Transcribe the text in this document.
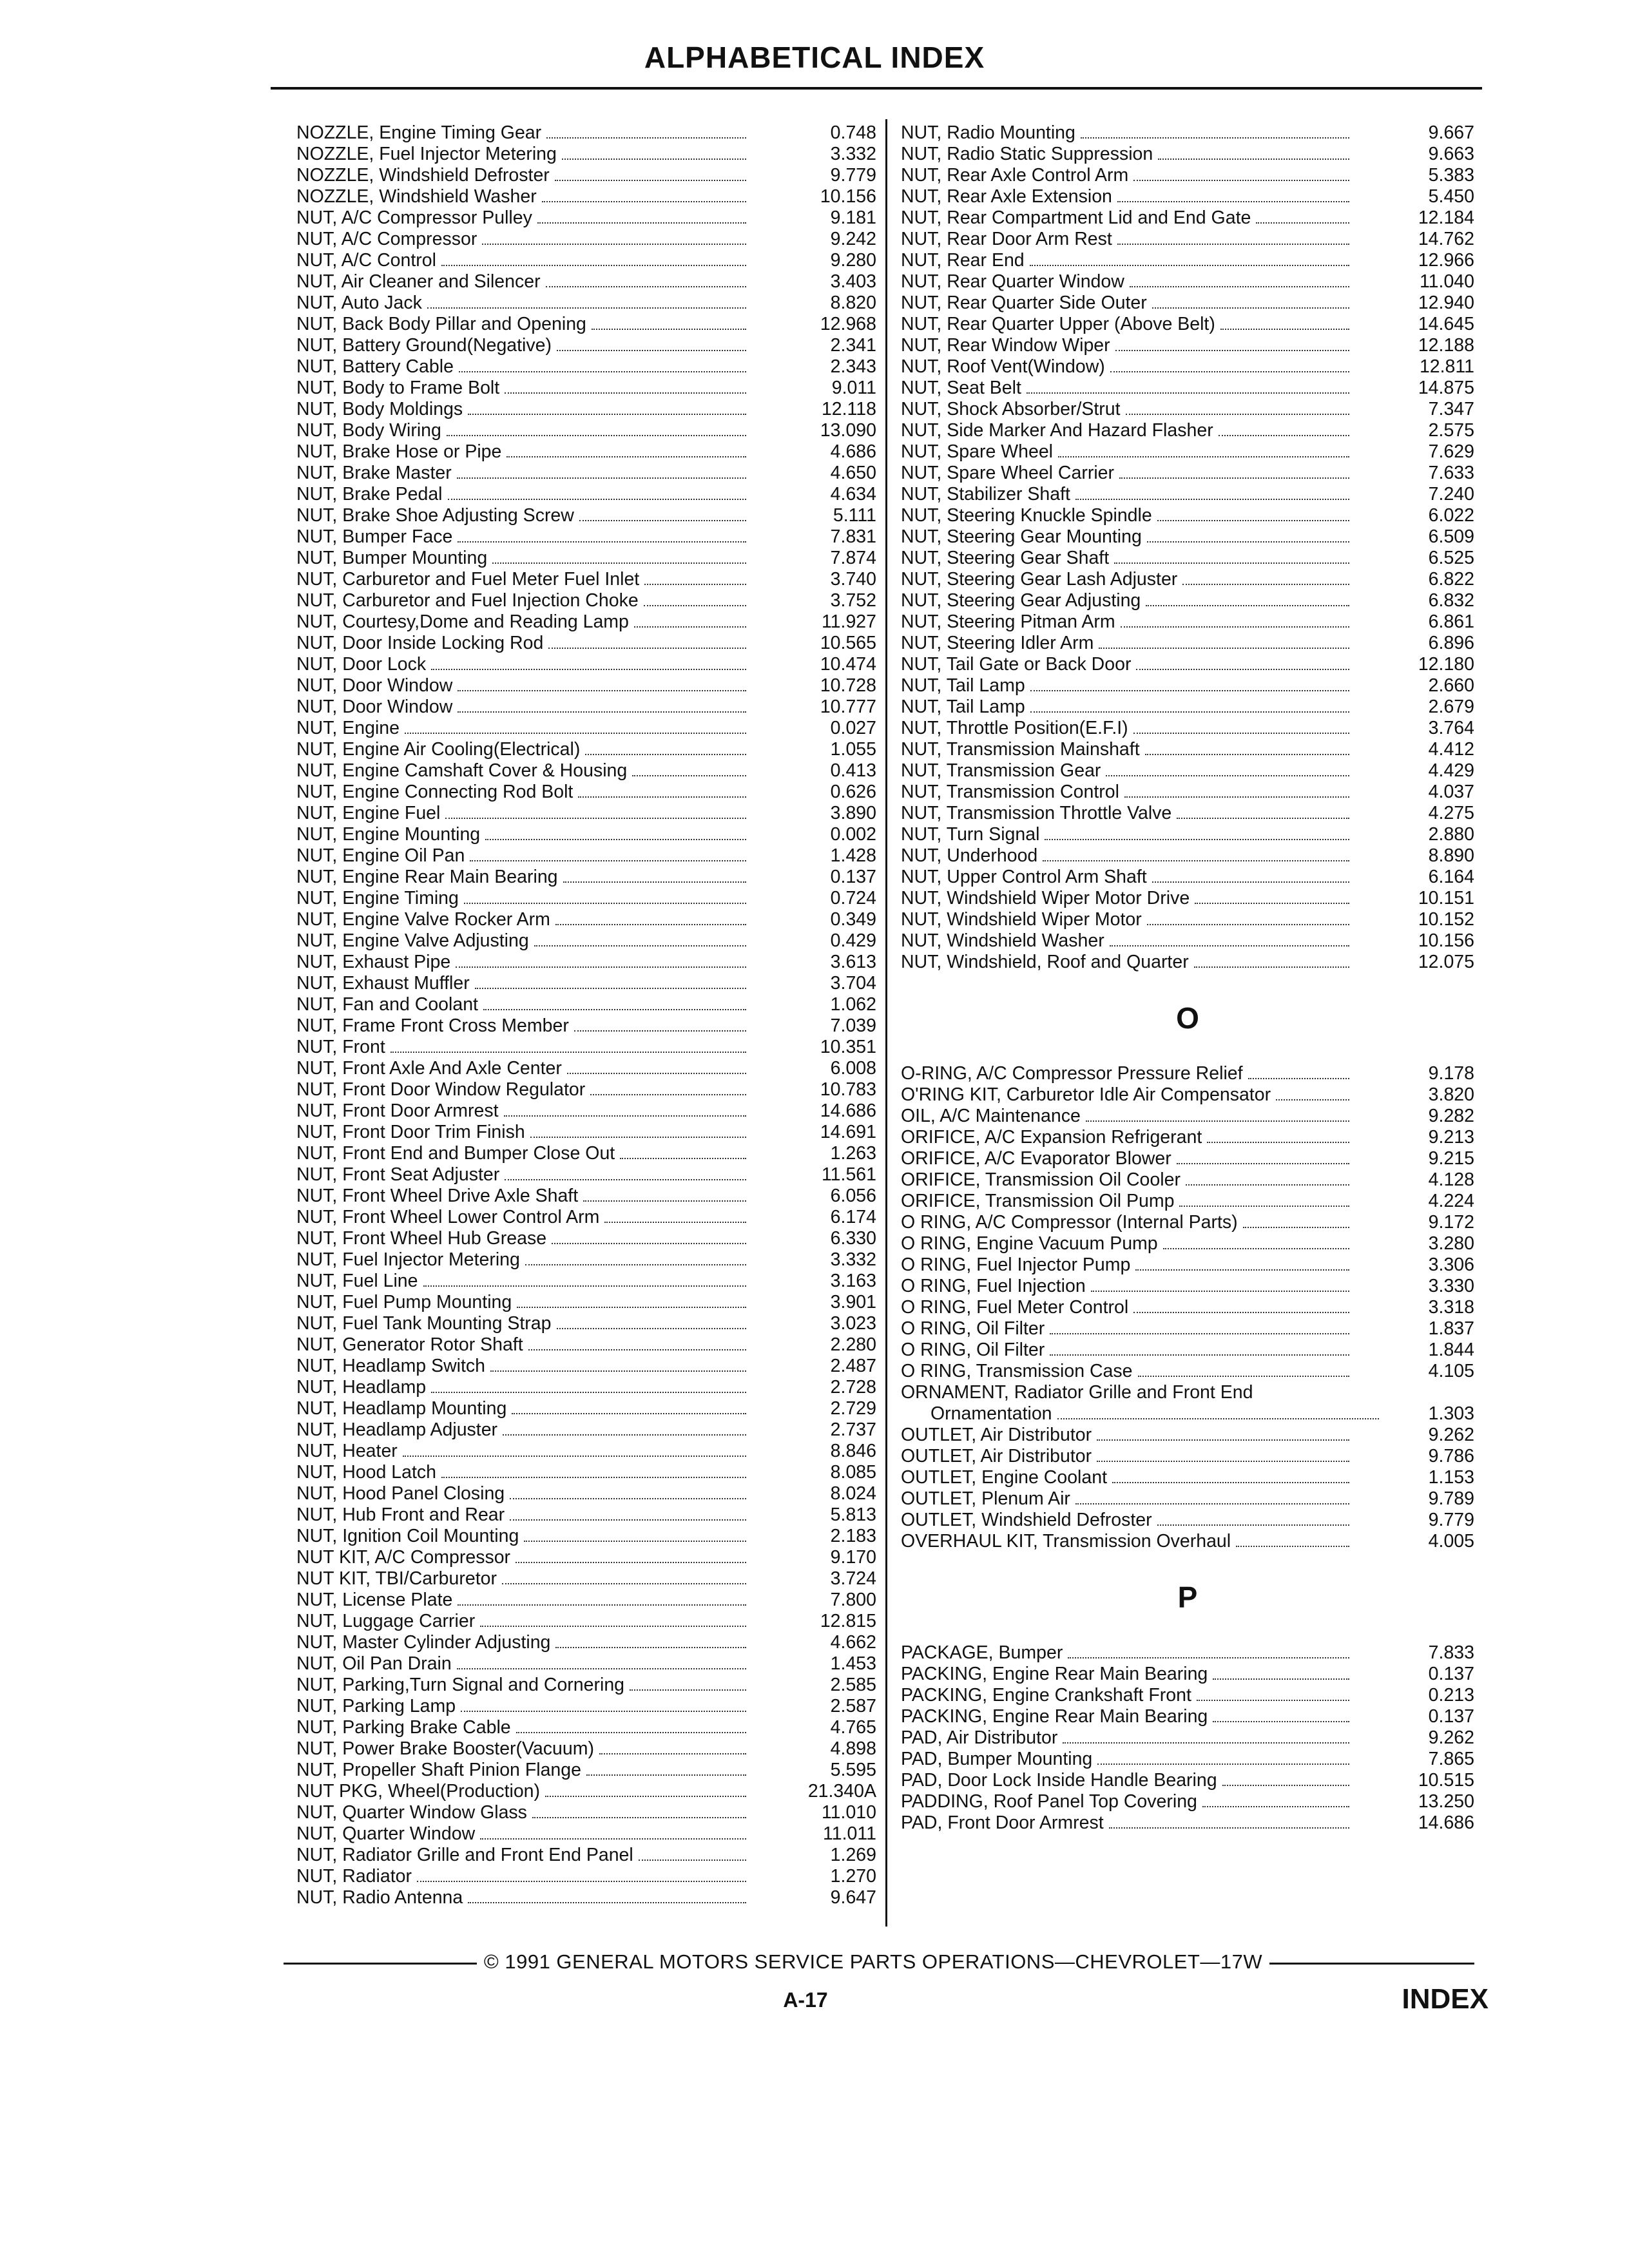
ALPHABETICAL INDEX
NOZZLE, Engine Timing Gear	0.748
NOZZLE, Fuel Injector Metering	3.332
NOZZLE, Windshield Defroster	9.779
NOZZLE, Windshield Washer	10.156
NUT, A/C Compressor Pulley	9.181
NUT, A/C Compressor	9.242
NUT, A/C Control	9.280
NUT, Air Cleaner and Silencer	3.403
NUT, Auto Jack	8.820
NUT, Back Body Pillar and Opening	12.968
NUT, Battery Ground(Negative)	2.341
NUT, Battery Cable	2.343
NUT, Body to Frame Bolt	9.011
NUT, Body Moldings	12.118
NUT, Body Wiring	13.090
NUT, Brake Hose or Pipe	4.686
NUT, Brake Master	4.650
NUT, Brake Pedal	4.634
NUT, Brake Shoe Adjusting Screw	5.111
NUT, Bumper Face	7.831
NUT, Bumper Mounting	7.874
NUT, Carburetor and Fuel Meter Fuel Inlet	3.740
NUT, Carburetor and Fuel Injection Choke	3.752
NUT, Courtesy,Dome and Reading Lamp	11.927
NUT, Door Inside Locking Rod	10.565
NUT, Door Lock	10.474
NUT, Door Window	10.728
NUT, Door Window	10.777
NUT, Engine	0.027
NUT, Engine Air Cooling(Electrical)	1.055
NUT, Engine Camshaft Cover & Housing	0.413
NUT, Engine Connecting Rod Bolt	0.626
NUT, Engine Fuel	3.890
NUT, Engine Mounting	0.002
NUT, Engine Oil Pan	1.428
NUT, Engine Rear Main Bearing	0.137
NUT, Engine Timing	0.724
NUT, Engine Valve Rocker Arm	0.349
NUT, Engine Valve Adjusting	0.429
NUT, Exhaust Pipe	3.613
NUT, Exhaust Muffler	3.704
NUT, Fan and Coolant	1.062
NUT, Frame Front Cross Member	7.039
NUT, Front	10.351
NUT, Front Axle And Axle Center	6.008
NUT, Front Door Window Regulator	10.783
NUT, Front Door Armrest	14.686
NUT, Front Door Trim Finish	14.691
NUT, Front End and Bumper Close Out	1.263
NUT, Front Seat Adjuster	11.561
NUT, Front Wheel Drive Axle Shaft	6.056
NUT, Front Wheel Lower Control Arm	6.174
NUT, Front Wheel Hub Grease	6.330
NUT, Fuel Injector Metering	3.332
NUT, Fuel Line	3.163
NUT, Fuel Pump Mounting	3.901
NUT, Fuel Tank Mounting Strap	3.023
NUT, Generator Rotor Shaft	2.280
NUT, Headlamp Switch	2.487
NUT, Headlamp	2.728
NUT, Headlamp Mounting	2.729
NUT, Headlamp Adjuster	2.737
NUT, Heater	8.846
NUT, Hood Latch	8.085
NUT, Hood Panel Closing	8.024
NUT, Hub Front and Rear	5.813
NUT, Ignition Coil Mounting	2.183
NUT KIT, A/C Compressor	9.170
NUT KIT, TBI/Carburetor	3.724
NUT, License Plate	7.800
NUT, Luggage Carrier	12.815
NUT, Master Cylinder Adjusting	4.662
NUT, Oil Pan Drain	1.453
NUT, Parking,Turn Signal and Cornering	2.585
NUT, Parking Lamp	2.587
NUT, Parking Brake Cable	4.765
NUT, Power Brake Booster(Vacuum)	4.898
NUT, Propeller Shaft Pinion Flange	5.595
NUT PKG, Wheel(Production)	21.340A
NUT, Quarter Window Glass	11.010
NUT, Quarter Window	11.011
NUT, Radiator Grille and Front End Panel	1.269
NUT, Radiator	1.270
NUT, Radio Antenna	9.647
NUT, Radio Mounting	9.667
NUT, Radio Static Suppression	9.663
NUT, Rear Axle Control Arm	5.383
NUT, Rear Axle Extension	5.450
NUT, Rear Compartment Lid and End Gate	12.184
NUT, Rear Door Arm Rest	14.762
NUT, Rear End	12.966
NUT, Rear Quarter Window	11.040
NUT, Rear Quarter Side Outer	12.940
NUT, Rear Quarter Upper (Above Belt)	14.645
NUT, Rear Window Wiper	12.188
NUT, Roof Vent(Window)	12.811
NUT, Seat Belt	14.875
NUT, Shock Absorber/Strut	7.347
NUT, Side Marker And Hazard Flasher	2.575
NUT, Spare Wheel	7.629
NUT, Spare Wheel Carrier	7.633
NUT, Stabilizer Shaft	7.240
NUT, Steering Knuckle Spindle	6.022
NUT, Steering Gear Mounting	6.509
NUT, Steering Gear Shaft	6.525
NUT, Steering Gear Lash Adjuster	6.822
NUT, Steering Gear Adjusting	6.832
NUT, Steering Pitman Arm	6.861
NUT, Steering Idler Arm	6.896
NUT, Tail Gate or Back Door	12.180
NUT, Tail Lamp	2.660
NUT, Tail Lamp	2.679
NUT, Throttle Position(E.F.I)	3.764
NUT, Transmission Mainshaft	4.412
NUT, Transmission Gear	4.429
NUT, Transmission Control	4.037
NUT, Transmission Throttle Valve	4.275
NUT, Turn Signal	2.880
NUT, Underhood	8.890
NUT, Upper Control Arm Shaft	6.164
NUT, Windshield Wiper Motor Drive	10.151
NUT, Windshield Wiper Motor	10.152
NUT, Windshield Washer	10.156
NUT, Windshield, Roof and Quarter	12.075
O
O-RING, A/C Compressor Pressure Relief	9.178
O'RING KIT, Carburetor Idle Air Compensator	3.820
OIL, A/C Maintenance	9.282
ORIFICE, A/C Expansion Refrigerant	9.213
ORIFICE, A/C Evaporator Blower	9.215
ORIFICE, Transmission Oil Cooler	4.128
ORIFICE, Transmission Oil Pump	4.224
O RING, A/C Compressor (Internal Parts)	9.172
O RING, Engine Vacuum Pump	3.280
O RING, Fuel Injector Pump	3.306
O RING, Fuel Injection	3.330
O RING, Fuel Meter Control	3.318
O RING, Oil Filter	1.837
O RING, Oil Filter	1.844
O RING, Transmission Case	4.105
ORNAMENT, Radiator Grille and Front End
Ornamentation	1.303
OUTLET, Air Distributor	9.262
OUTLET, Air Distributor	9.786
OUTLET, Engine Coolant	1.153
OUTLET, Plenum Air	9.789
OUTLET, Windshield Defroster	9.779
OVERHAUL KIT, Transmission Overhaul	4.005
P
PACKAGE, Bumper	7.833
PACKING, Engine Rear Main Bearing	0.137
PACKING, Engine Crankshaft Front	0.213
PACKING, Engine Rear Main Bearing	0.137
PAD, Air Distributor	9.262
PAD, Bumper Mounting	7.865
PAD, Door Lock Inside Handle Bearing	10.515
PADDING, Roof Panel Top Covering	13.250
PAD, Front Door Armrest	14.686
© 1991 GENERAL MOTORS SERVICE PARTS OPERATIONS—CHEVROLET—17W
A-17	INDEX
